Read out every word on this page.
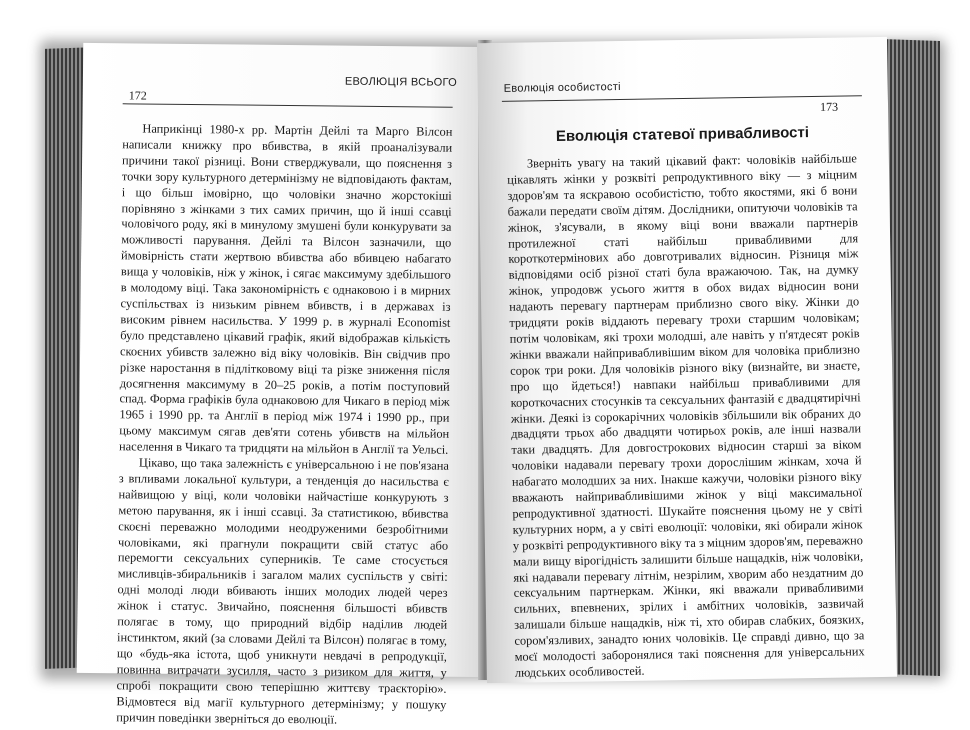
ЕВОЛЮЦІЯ ВСЬОГО
172

Наприкінці 1980-х рр. Мартін Дейлі та Марго Вілсон написали книжку про вбивства, в якій проаналізували причини такої різниці. Вони стверджували, що пояснення з точки зору культурного детермінізму не відповідають фактам, і що більш імовірно, що чоловіки значно жорстокіші порівняно з жінками з тих самих причин, що й інші ссавці чоловічого роду, які в минулому змушені були конкурувати за можливості парування. Дейлі та Вілсон зазначили, що ймовірність стати жертвою вбивства або вбивцею набагато вища у чоловіків, ніж у жінок, і сягає максимуму здебільшого в молодому віці. Така закономірність є однаковою і в мирних суспільствах із низьким рівнем вбивств, і в державах із високим рівнем насильства. У 1999 р. в журналі Economist було представлено цікавий графік, який відображав кількість скоєних убивств залежно від віку чоловіків. Він свідчив про різке наростання в підлітковому віці та різке зниження після досягнення максимуму в 20–25 років, а потім поступовий спад. Форма графіків була однаковою для Чикаго в період між 1965 і 1990 рр. та Англії в період між 1974 і 1990 рр., при цьому максимум сягав дев'яти сотень убивств на мільйон населення в Чикаго та тридцяти на мільйон в Англії та Уельсі.

Цікаво, що така залежність є універсальною і не пов'язана з впливами локальної культури, а тенденція до насильства є найвищою у віці, коли чоловіки найчастіше конкурують з метою парування, як і інші ссавці. За статистикою, вбивства скоєні переважно молодими неодруженими безробітними чоловіками, які прагнули покращити свій статус або перемогти сексуальних суперників. Те саме стосується мисливців-збиральників і загалом малих суспільств у світі: одні молоді люди вбивають інших молодих людей через жінок і статус. Звичайно, пояснення більшості вбивств полягає в тому, що природний відбір наділив людей інстинктом, який (за словами Дейлі та Вілсон) полягає в тому, що «будь-яка істота, щоб уникнути невдачі в репродукції, повинна витрачати зусилля, часто з ризиком для життя, у спробі покращити свою теперішню життєву траєкторію». Відмовтеся від магії культурного детермінізму; у пошуку причин поведінки зверніться до еволюції.

Еволюція особистості
173
Еволюція статевої привабливості

Зверніть увагу на такий цікавий факт: чоловіків найбільше цікавлять жінки у розквіті репродуктивного віку — з міцним здоров'ям та яскравою особистістю, тобто якостями, які б вони бажали передати своїм дітям. Дослідники, опитуючи чоловіків та жінок, з'ясували, в якому віці вони вважали партнерів протилежної статі найбільш привабливими для короткотермінових або довготривалих відносин. Різниця між відповідями осіб різної статі була вражаючою. Так, на думку жінок, упродовж усього життя в обох видах відносин вони надають перевагу партнерам приблизно свого віку. Жінки до тридцяти років віддають перевагу трохи старшим чоловікам; потім чоловікам, які трохи молодші, але навіть у п'ятдесят років жінки вважали найпривабливішим віком для чоловіка приблизно сорок три роки. Для чоловіків різного віку (визнайте, ви знаєте, про що йдеться!) навпаки найбільш привабливими для короткочасних стосунків та сексуальних фантазій є двадцятирічні жінки. Деякі із сорокарічних чоловіків збільшили вік обраних до двадцяти трьох або двадцяти чотирьох років, але інші назвали таки двадцять. Для довгострокових відносин старші за віком чоловіки надавали перевагу трохи дорослішим жінкам, хоча й набагато молодших за них. Інакше кажучи, чоловіки різного віку вважають найпривабливішими жінок у віці максимальної репродуктивної здатності. Шукайте пояснення цьому не у світі культурних норм, а у світі еволюції: чоловіки, які обирали жінок у розквіті репродуктивного віку та з міцним здоров'ям, переважно мали вищу вірогідність залишити більше нащадків, ніж чоловіки, які надавали перевагу літнім, незрілим, хворим або нездатним до сексуальним партнеркам. Жінки, які вважали привабливими сильних, впевнених, зрілих і амбітних чоловіків, зазвичай залишали більше нащадків, ніж ті, хто обирав слабких, боязких, сором'язливих, занадто юних чоловіків. Це справді дивно, що за моєї молодості заборонялися такі пояснення для універсальних людських особливостей.
